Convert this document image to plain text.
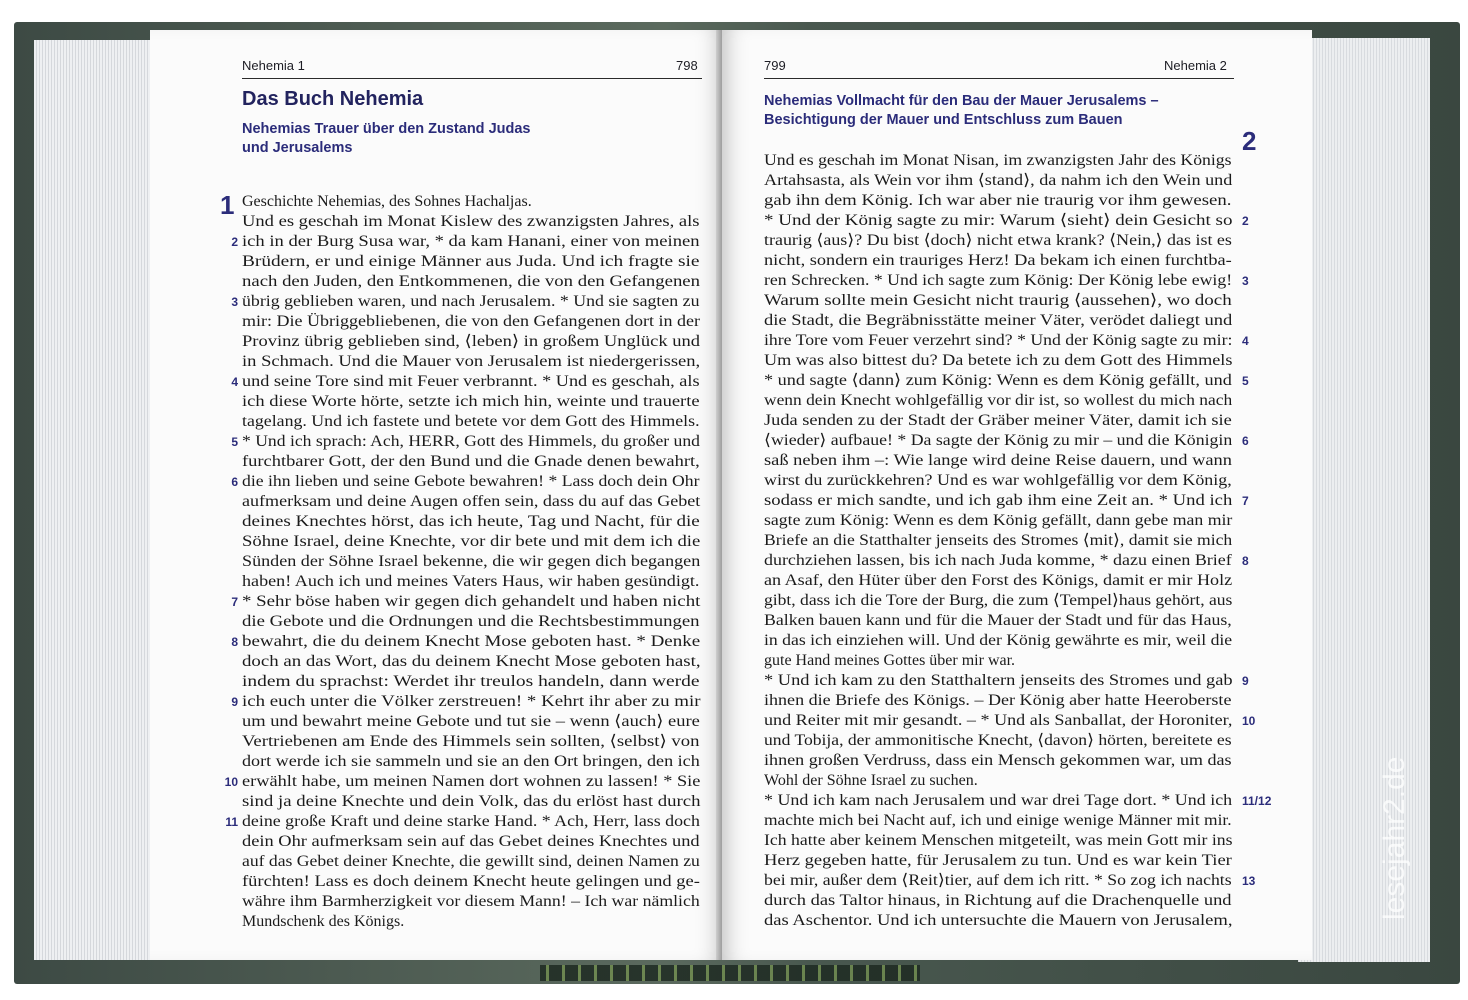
Nehemia 1	798
Das Buch Nehemia
Nehemias Trauer über den Zustand Judas
und Jerusalems
1 Geschichte Nehemias, des Sohnes Hachaljas.
Und es geschah im Monat Kislew des zwanzigsten Jahres, als
ich in der Burg Susa war, * da kam Hanani, einer von meinen
Brüdern, er und einige Männer aus Juda. Und ich fragte sie
nach den Juden, den Entkommenen, die von den Gefangenen
übrig geblieben waren, und nach Jerusalem. * Und sie sagten zu
mir: Die Übriggebliebenen, die von den Gefangenen dort in der
Provinz übrig geblieben sind, ⟨leben⟩ in großem Unglück und
in Schmach. Und die Mauer von Jerusalem ist niedergerissen,
und seine Tore sind mit Feuer verbrannt. * Und es geschah, als
ich diese Worte hörte, setzte ich mich hin, weinte und trauerte
tagelang. Und ich fastete und betete vor dem Gott des Himmels.
* Und ich sprach: Ach, HERR, Gott des Himmels, du großer und
furchtbarer Gott, der den Bund und die Gnade denen bewahrt,
die ihn lieben und seine Gebote bewahren! * Lass doch dein Ohr
aufmerksam und deine Augen offen sein, dass du auf das Gebet
deines Knechtes hörst, das ich heute, Tag und Nacht, für die
Söhne Israel, deine Knechte, vor dir bete und mit dem ich die
Sünden der Söhne Israel bekenne, die wir gegen dich begangen
haben! Auch ich und meines Vaters Haus, wir haben gesündigt.
* Sehr böse haben wir gegen dich gehandelt und haben nicht
die Gebote und die Ordnungen und die Rechtsbestimmungen
bewahrt, die du deinem Knecht Mose geboten hast. * Denke
doch an das Wort, das du deinem Knecht Mose geboten hast,
indem du sprachst: Werdet ihr treulos handeln, dann werde
ich euch unter die Völker zerstreuen! * Kehrt ihr aber zu mir
um und bewahrt meine Gebote und tut sie – wenn ⟨auch⟩ eure
Vertriebenen am Ende des Himmels sein sollten, ⟨selbst⟩ von
dort werde ich sie sammeln und sie an den Ort bringen, den ich
erwählt habe, um meinen Namen dort wohnen zu lassen! * Sie
sind ja deine Knechte und dein Volk, das du erlöst hast durch
deine große Kraft und deine starke Hand. * Ach, Herr, lass doch
dein Ohr aufmerksam sein auf das Gebet deines Knechtes und
auf das Gebet deiner Knechte, die gewillt sind, deinen Namen zu
fürchten! Lass es doch deinem Knecht heute gelingen und ge-
währe ihm Barmherzigkeit vor diesem Mann! – Ich war nämlich
Mundschenk des Königs.
2
3
4
5
6
7
8
9
10
11
799	Nehemia 2
Nehemias Vollmacht für den Bau der Mauer Jerusalems –
Besichtigung der Mauer und Entschluss zum Bauen
2
Und es geschah im Monat Nisan, im zwanzigsten Jahr des Königs
Artahsasta, als Wein vor ihm ⟨stand⟩, da nahm ich den Wein und
gab ihn dem König. Ich war aber nie traurig vor ihm gewesen.
* Und der König sagte zu mir: Warum ⟨sieht⟩ dein Gesicht so
traurig ⟨aus⟩? Du bist ⟨doch⟩ nicht etwa krank? ⟨Nein,⟩ das ist es
nicht, sondern ein trauriges Herz! Da bekam ich einen furchtba-
ren Schrecken. * Und ich sagte zum König: Der König lebe ewig!
Warum sollte mein Gesicht nicht traurig ⟨aussehen⟩, wo doch
die Stadt, die Begräbnisstätte meiner Väter, verödet daliegt und
ihre Tore vom Feuer verzehrt sind? * Und der König sagte zu mir:
Um was also bittest du? Da betete ich zu dem Gott des Himmels
* und sagte ⟨dann⟩ zum König: Wenn es dem König gefällt, und
wenn dein Knecht wohlgefällig vor dir ist, so wollest du mich nach
Juda senden zu der Stadt der Gräber meiner Väter, damit ich sie
⟨wieder⟩ aufbaue! * Da sagte der König zu mir – und die Königin
saß neben ihm –: Wie lange wird deine Reise dauern, und wann
wirst du zurückkehren? Und es war wohlgefällig vor dem König,
sodass er mich sandte, und ich gab ihm eine Zeit an. * Und ich
sagte zum König: Wenn es dem König gefällt, dann gebe man mir
Briefe an die Statthalter jenseits des Stromes ⟨mit⟩, damit sie mich
durchziehen lassen, bis ich nach Juda komme, * dazu einen Brief
an Asaf, den Hüter über den Forst des Königs, damit er mir Holz
gibt, dass ich die Tore der Burg, die zum ⟨Tempel⟩haus gehört, aus
Balken bauen kann und für die Mauer der Stadt und für das Haus,
in das ich einziehen will. Und der König gewährte es mir, weil die
gute Hand meines Gottes über mir war.
* Und ich kam zu den Statthaltern jenseits des Stromes und gab
ihnen die Briefe des Königs. – Der König aber hatte Heeroberste
und Reiter mit mir gesandt. – * Und als Sanballat, der Horoniter,
und Tobija, der ammonitische Knecht, ⟨davon⟩ hörten, bereitete es
ihnen großen Verdruss, dass ein Mensch gekommen war, um das
Wohl der Söhne Israel zu suchen.
* Und ich kam nach Jerusalem und war drei Tage dort. * Und ich
machte mich bei Nacht auf, ich und einige wenige Männer mit mir.
Ich hatte aber keinem Menschen mitgeteilt, was mein Gott mir ins
Herz gegeben hatte, für Jerusalem zu tun. Und es war kein Tier
bei mir, außer dem ⟨Reit⟩tier, auf dem ich ritt. * So zog ich nachts
durch das Taltor hinaus, in Richtung auf die Drachenquelle und
das Aschentor. Und ich untersuchte die Mauern von Jerusalem,
2
3
4
5
6
7
8
9
10
11/12
13	lesejahr2.de
